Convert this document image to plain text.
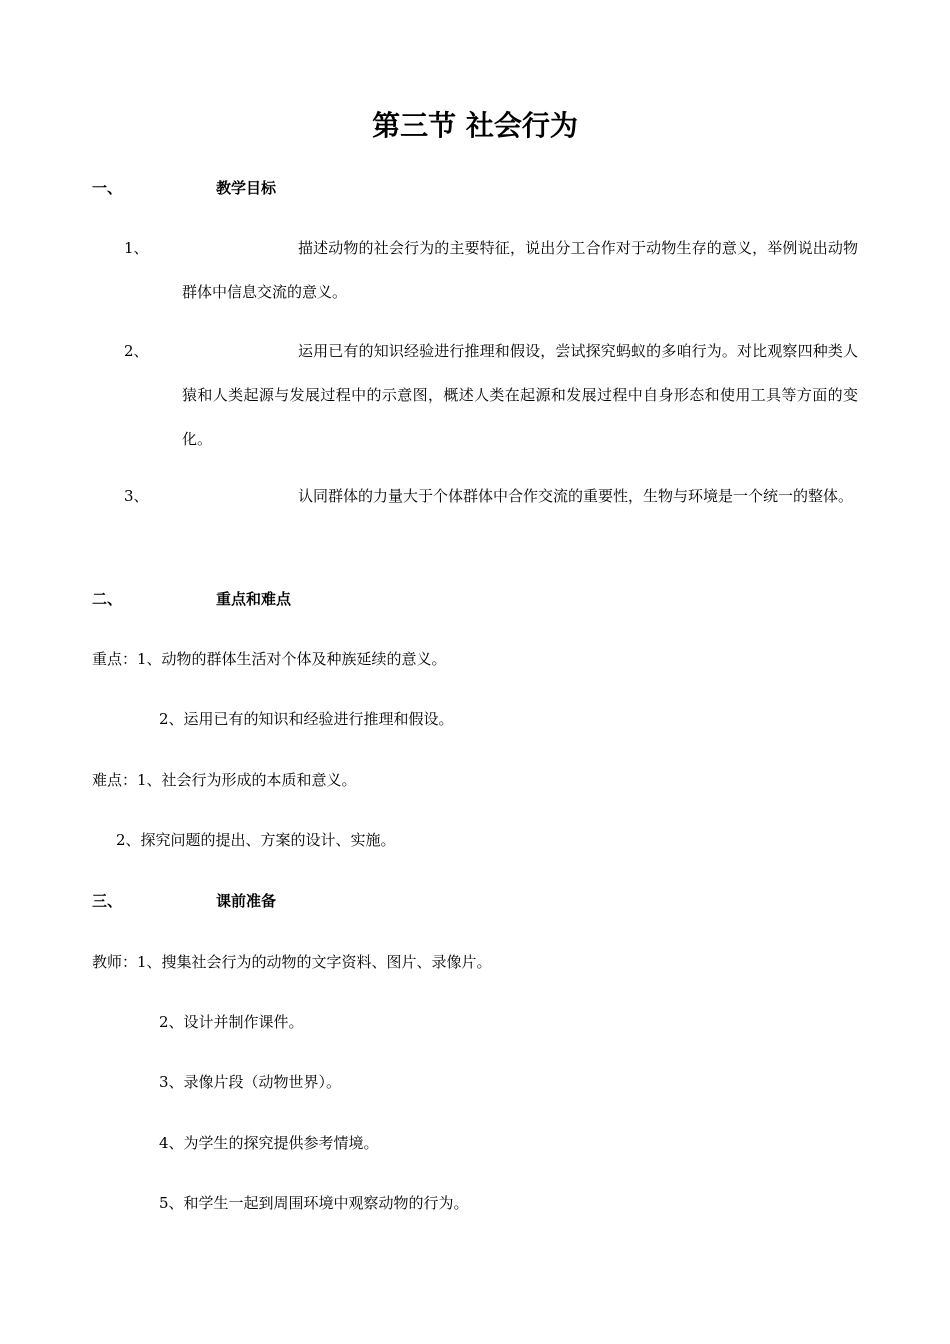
第三节 社会行为
一、	教学目标
1、	描述动物的社会行为的主要特征，说出分工合作对于动物生存的意义，举例说出动物群体中信息交流的意义。
2、	运用已有的知识经验进行推理和假设，尝试探究蚂蚁的多咱行为。对比观察四种类人猿和人类起源与发展过程中的示意图，概述人类在起源和发展过程中自身形态和使用工具等方面的变化。
3、	认同群体的力量大于个体群体中合作交流的重要性，生物与环境是一个统一的整体。
二、	重点和难点
重点：1、动物的群体生活对个体及种族延续的意义。
2、运用已有的知识和经验进行推理和假设。
难点：1、社会行为形成的本质和意义。
2、探究问题的提出、方案的设计、实施。
三、	课前准备
教师：1、搜集社会行为的动物的文字资料、图片、录像片。
2、设计并制作课件。
3、录像片段（动物世界）。
4、为学生的探究提供参考情境。
5、和学生一起到周围环境中观察动物的行为。
